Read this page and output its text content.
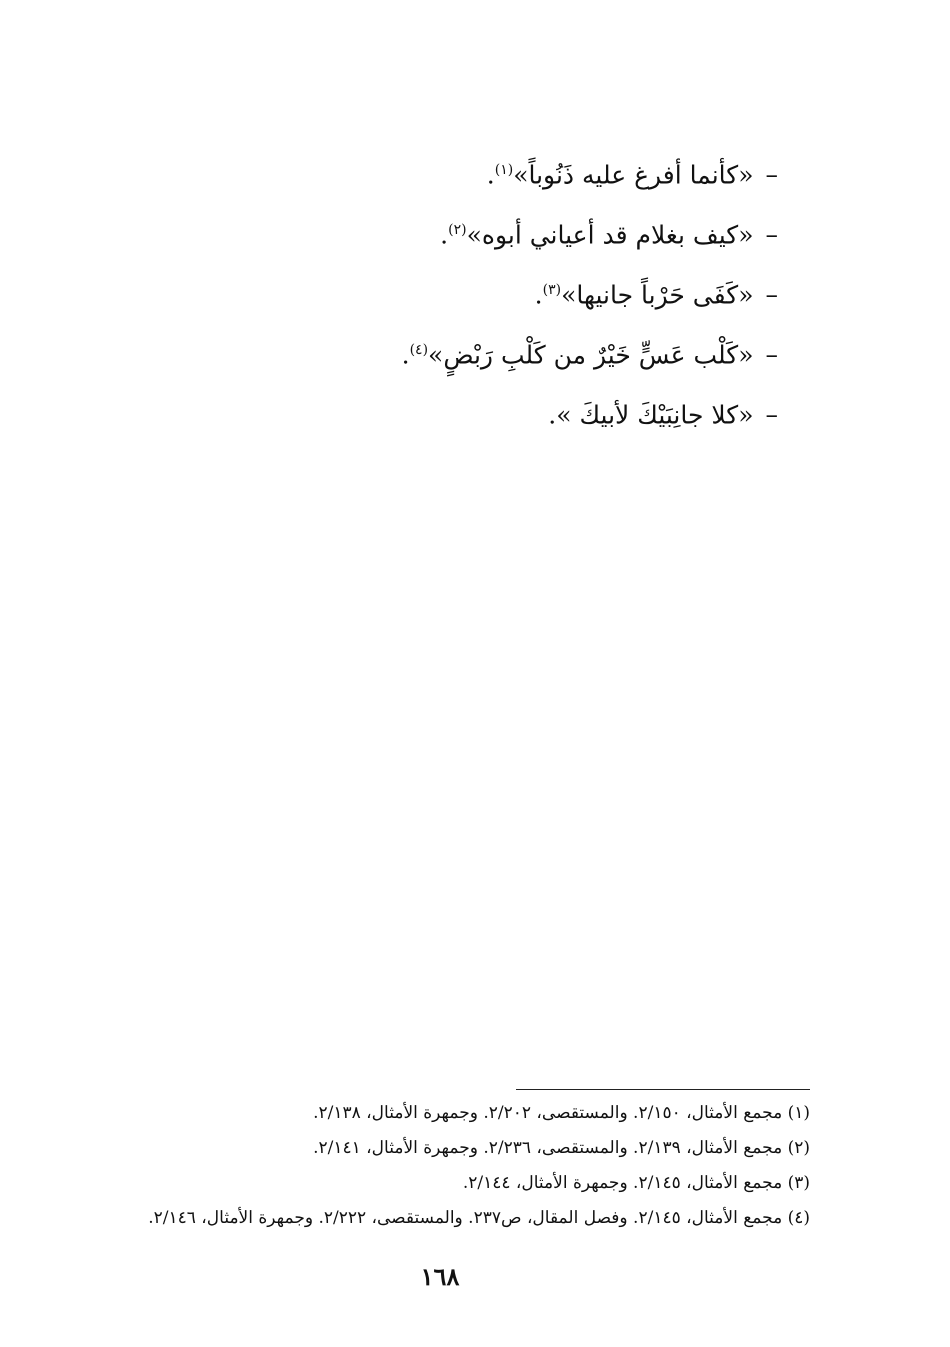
–«كأنما أفرغ عليه ذَنُوباً»$^{(١)}$.
–«كيف بغلام قد أعياني أبوه»$^{(٢)}$.
–«كَفَى حَرْباً جانيها»$^{(٣)}$.
–«كَلْب عَسٍّ خَيْرٌ من كَلْبِ رَبْضٍ»$^{(٤)}$.
–«كلا جانِبَيْكَ لأبيكَ ».
(١) مجمع الأمثال، ٢/١٥٠. والمستقصى، ٢/٢٠٢. وجمهرة الأمثال، ٢/١٣٨.
(٢) مجمع الأمثال، ٢/١٣٩. والمستقصى، ٢/٢٣٦. وجمهرة الأمثال، ٢/١٤١.
(٣) مجمع الأمثال، ٢/١٤٥. وجمهرة الأمثال، ٢/١٤٤.
(٤) مجمع الأمثال، ٢/١٤٥. وفصل المقال، ص٢٣٧. والمستقصى، ٢/٢٢٢. وجمهرة الأمثال، ٢/١٤٦.
١٦٨
